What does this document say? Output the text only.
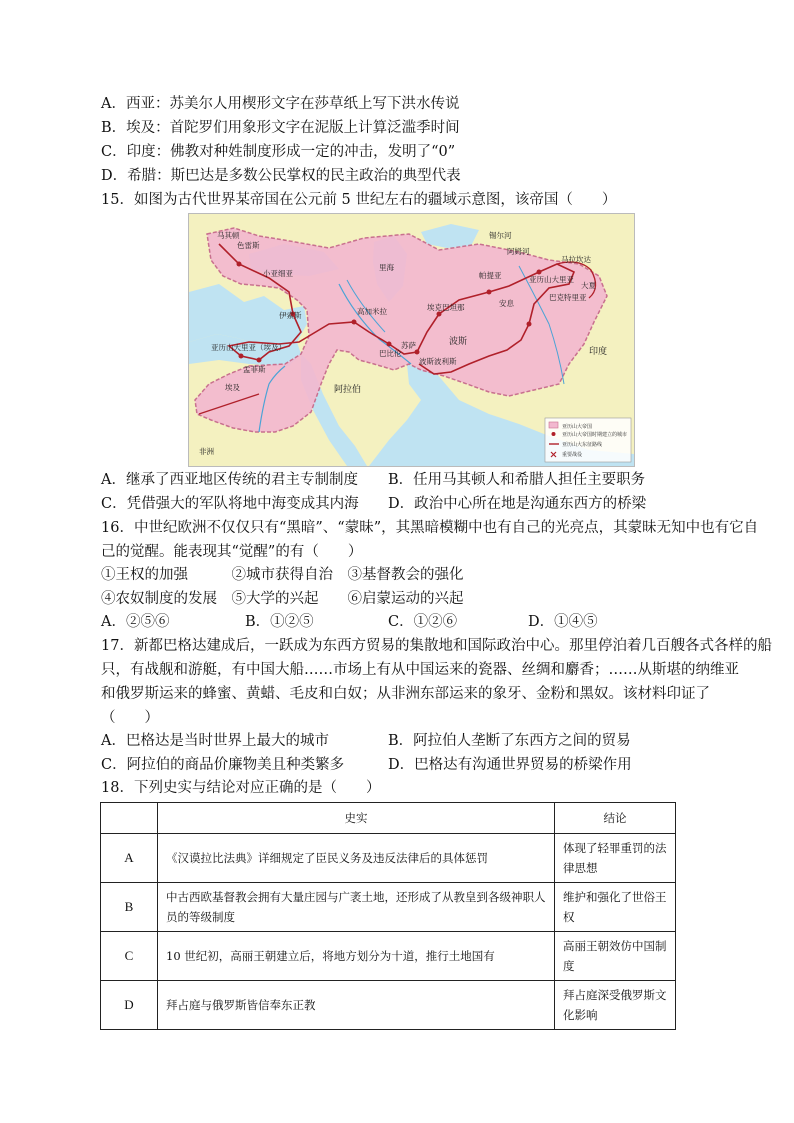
A．西亚：苏美尔人用楔形文字在莎草纸上写下洪水传说
B．埃及：首陀罗们用象形文字在泥版上计算泛滥季时间
C．印度：佛教对种姓制度形成一定的冲击，发明了“0”
D．希腊：斯巴达是多数公民掌权的民主政治的典型代表
15．如图为古代世界某帝国在公元前 5 世纪左右的疆域示意图，该帝国（　　）
马其顿
色雷斯
小亚细亚
伊索斯	高加米拉
波斯波利斯
巴比伦
苏萨
埃克巴坦那
亚历山大里亚
巴克特里亚
阿拉伯
印度
埃及
里海
波斯
孟菲斯
马拉坎达
亚历山大里亚（埃及）
非洲
帕提亚
安息
大夏
锡尔河
阿姆河
亚历山大帝国
亚历山大帝国时期建立的城市
亚历山大东征路线
重要战役
A．继承了西亚地区传统的君主专制制度 B．任用马其顿人和希腊人担任主要职务
C．凭借强大的军队将地中海变成其内海 D．政治中心所在地是沟通东西方的桥梁
16．中世纪欧洲不仅仅只有“黑暗”、“蒙昧”，其黑暗模糊中也有自己的光亮点，其蒙昧无知中也有它自
己的觉醒。能表现其“觉醒”的有（　　）
①王权的加强　　　②城市获得自治　③基督教会的强化
④农奴制度的发展　⑤大学的兴起　　⑥启蒙运动的兴起
A．②⑤⑥	B．①②⑤	C．①②⑥	D．①④⑤
17．新都巴格达建成后，一跃成为东西方贸易的集散地和国际政治中心。那里停泊着几百艘各式各样的船
只，有战舰和游艇，有中国大船……市场上有从中国运来的瓷器、丝绸和麝香；……从斯堪的纳维亚
和俄罗斯运来的蜂蜜、黄蜡、毛皮和白奴；从非洲东部运来的象牙、金粉和黑奴。该材料印证了
（　　）
A．巴格达是当时世界上最大的城市	B．阿拉伯人垄断了东西方之间的贸易
C．阿拉伯的商品价廉物美且种类繁多	D．巴格达有沟通世界贸易的桥梁作用
18．下列史实与结论对应正确的是（　　）
	史实	结论
A	《汉谟拉比法典》详细规定了臣民义务及违反法律后的具体惩罚	体现了轻罪重罚的法律思想
B	中古西欧基督教会拥有大量庄园与广袤土地，还形成了从教皇到各级神职人员的等级制度	维护和强化了世俗王权
C	10 世纪初，高丽王朝建立后，将地方划分为十道，推行土地国有	高丽王朝效仿中国制度
D	拜占庭与俄罗斯皆信奉东正教	拜占庭深受俄罗斯文化影响
